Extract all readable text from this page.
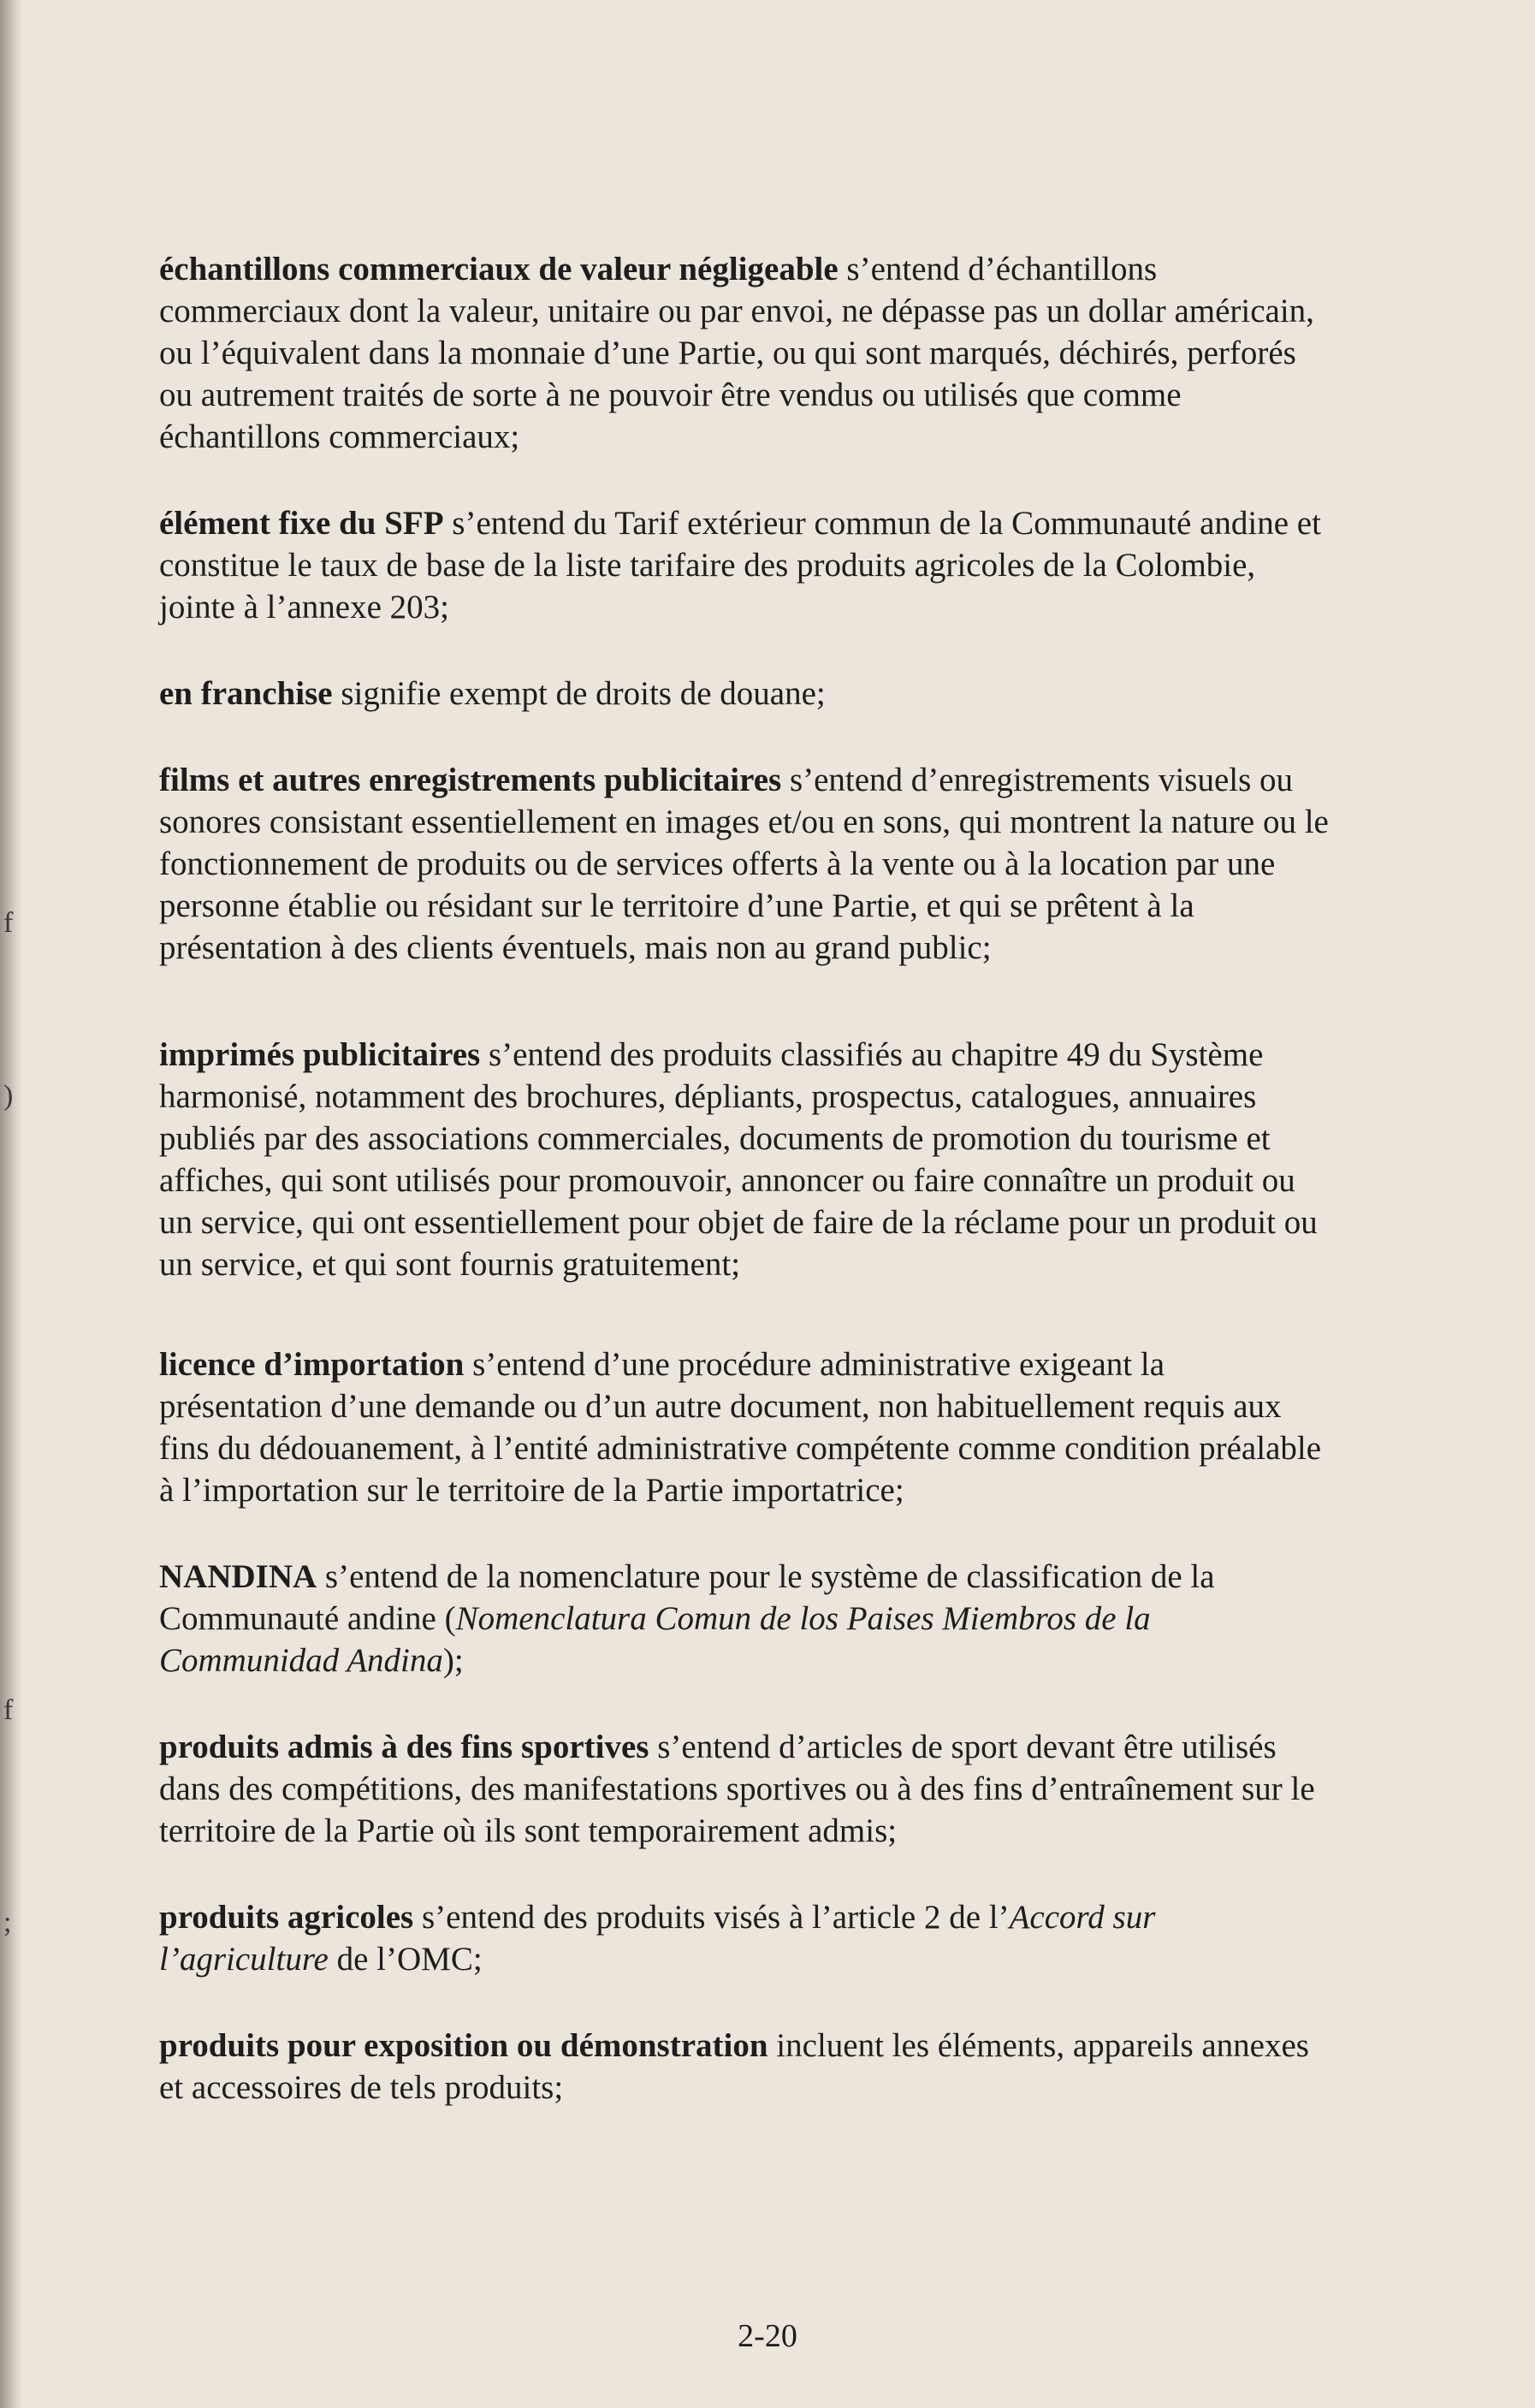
f
)
f
;

échantillons commerciaux de valeur négligeable s’entend d’échantillons commerciaux dont la valeur, unitaire ou par envoi, ne dépasse pas un dollar américain, ou l’équivalent dans la monnaie d’une Partie, ou qui sont marqués, déchirés, perforés ou autrement traités de sorte à ne pouvoir être vendus ou utilisés que comme échantillons commerciaux;

élément fixe du SFP s’entend du Tarif extérieur commun de la Communauté andine et constitue le taux de base de la liste tarifaire des produits agricoles de la Colombie, jointe à l’annexe 203;

en franchise signifie exempt de droits de douane;

films et autres enregistrements publicitaires s’entend d’enregistrements visuels ou sonores consistant essentiellement en images et/ou en sons, qui montrent la nature ou le fonctionnement de produits ou de services offerts à la vente ou à la location par une personne établie ou résidant sur le territoire d’une Partie, et qui se prêtent à la présentation à des clients éventuels, mais non au grand public;

imprimés publicitaires s’entend des produits classifiés au chapitre 49 du Système harmonisé, notamment des brochures, dépliants, prospectus, catalogues, annuaires publiés par des associations commerciales, documents de promotion du tourisme et affiches, qui sont utilisés pour promouvoir, annoncer ou faire connaître un produit ou un service, qui ont essentiellement pour objet de faire de la réclame pour un produit ou un service, et qui sont fournis gratuitement;

licence d’importation s’entend d’une procédure administrative exigeant la présentation d’une demande ou d’un autre document, non habituellement requis aux fins du dédouanement, à l’entité administrative compétente comme condition préalable à l’importation sur le territoire de la Partie importatrice;

NANDINA s’entend de la nomenclature pour le système de classification de la Communauté andine (Nomenclatura Comun de los Paises Miembros de la Communidad Andina);

produits admis à des fins sportives s’entend d’articles de sport devant être utilisés dans des compétitions, des manifestations sportives ou à des fins d’entraînement sur le territoire de la Partie où ils sont temporairement admis;

produits agricoles s’entend des produits visés à l’article 2 de l’Accord sur l’agriculture de l’OMC;

produits pour exposition ou démonstration incluent les éléments, appareils annexes et accessoires de tels produits;

2-20
